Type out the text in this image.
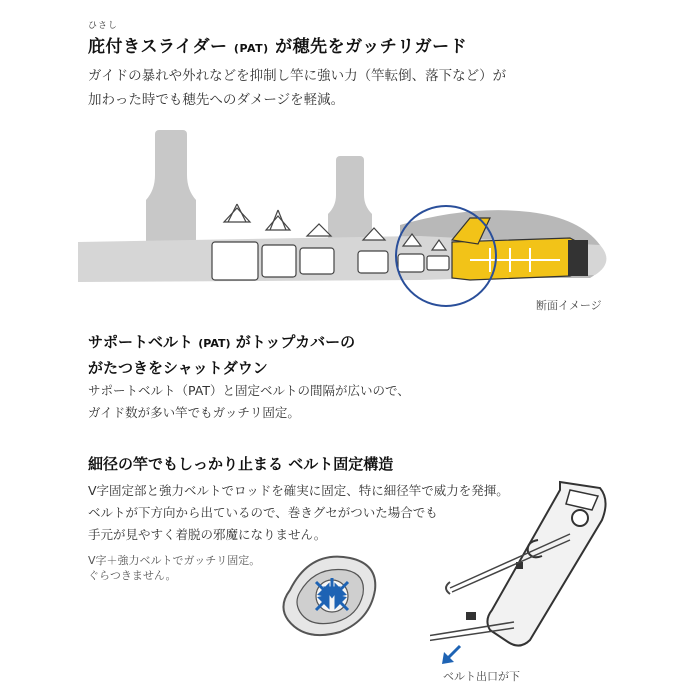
ひさし
庇付きスライダー (PAT) が穂先をガッチリガード
ガイドの暴れや外れなどを抑制し竿に強い力（竿転倒、落下など）が
加わった時でも穂先へのダメージを軽減。
断面イメージ
サポートベルト (PAT) がトップカバーの
がたつきをシャットダウン
サポートベルト（PAT）と固定ベルトの間隔が広いので、
ガイド数が多い竿でもガッチリ固定。
細径の竿でもしっかり止まる ベルト固定構造
V字固定部と強力ベルトでロッドを確実に固定、特に細径竿で威力を発揮。
ベルトが下方向から出ているので、巻きグセがついた場合でも
手元が見やすく着脱の邪魔になりません。
V字＋強力ベルトでガッチリ固定。
ぐらつきません。
ベルト出口が下
